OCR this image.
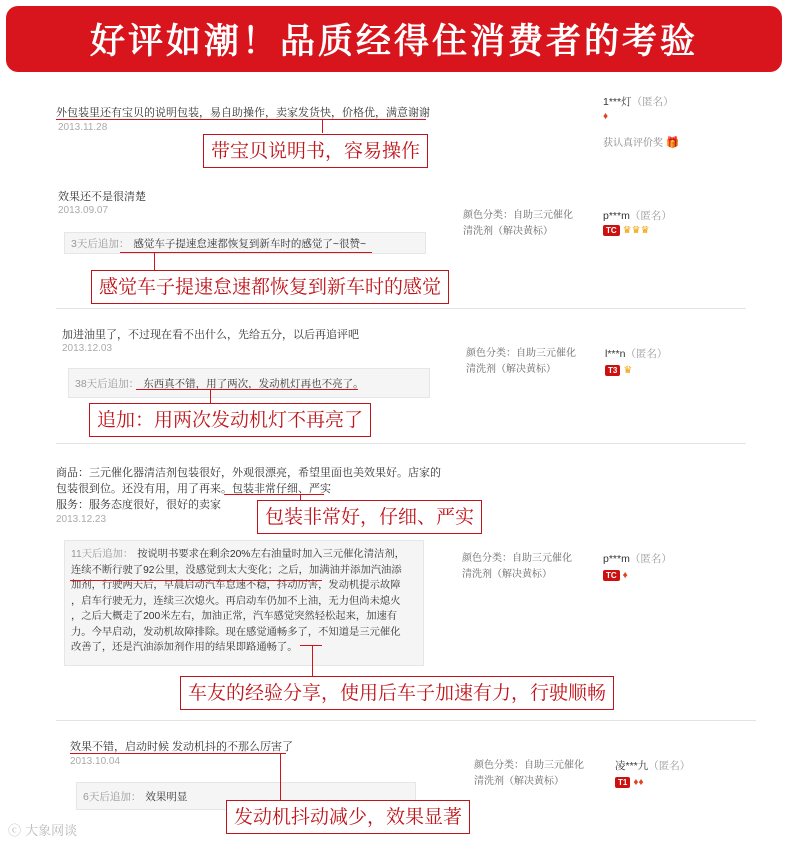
好评如潮！品质经得住消费者的考验
外包装里还有宝贝的说明包装，易自助操作，卖家发货快，价格优，满意谢谢
2013.11.28
带宝贝说明书，容易操作
1***灯（匿名）
♦
获认真评价奖 🎁
效果还不是很清楚
2013.09.07
3天后追加： 感觉车子提速怠速都恢复到新车时的感觉了~很赞~
感觉车子提速怠速都恢复到新车时的感觉
颜色分类：自助三元催化
清洗剂（解决黄标）
p***m（匿名）
TC ♛♛♛
加进油里了，不过现在看不出什么，先给五分，以后再追评吧
2013.12.03
38天后追加： 东西真不错，用了两次，发动机灯再也不亮了。
追加：用两次发动机灯不再亮了
颜色分类：自助三元催化
清洗剂（解决黄标）
l***n（匿名）
T3 ♛
商品：三元催化器清洁剂包装很好，外观很漂亮，希望里面也美效果好。店家的
包装很到位。还没有用，用了再来。包装非常仔细、严实
服务：服务态度很好，很好的卖家
2013.12.23	包装非常好，仔细、严实
11天后追加： 按说明书要求在剩余20%左右油量时加入三元催化清洁剂，
连续不断行驶了92公里，没感觉到太大变化；之后，加满油并添加汽油添
加剂，行驶两天后，早晨启动汽车怠速不稳，抖动厉害，发动机提示故障
，启车行驶无力，连续三次熄火。再启动车仍加不上油，无力但尚未熄火
，之后大概走了200米左右，加油正常，汽车感觉突然轻松起来，加速有
力。今早启动，发动机故障排除。现在感觉通畅多了，不知道是三元催化
改善了，还是汽油添加剂作用的结果即路通畅了。
车友的经验分享，使用后车子加速有力，行驶顺畅
颜色分类：自助三元催化
清洗剂（解决黄标）
p***m（匿名）
TC ♦
效果不错，启动时候 发动机抖的不那么厉害了
2013.10.04
6天后追加： 效果明显
发动机抖动减少，效果显著
颜色分类：自助三元催化
清洗剂（解决黄标）
凌***九（匿名）
T1 ♦♦
ⓒ 大象网谈
